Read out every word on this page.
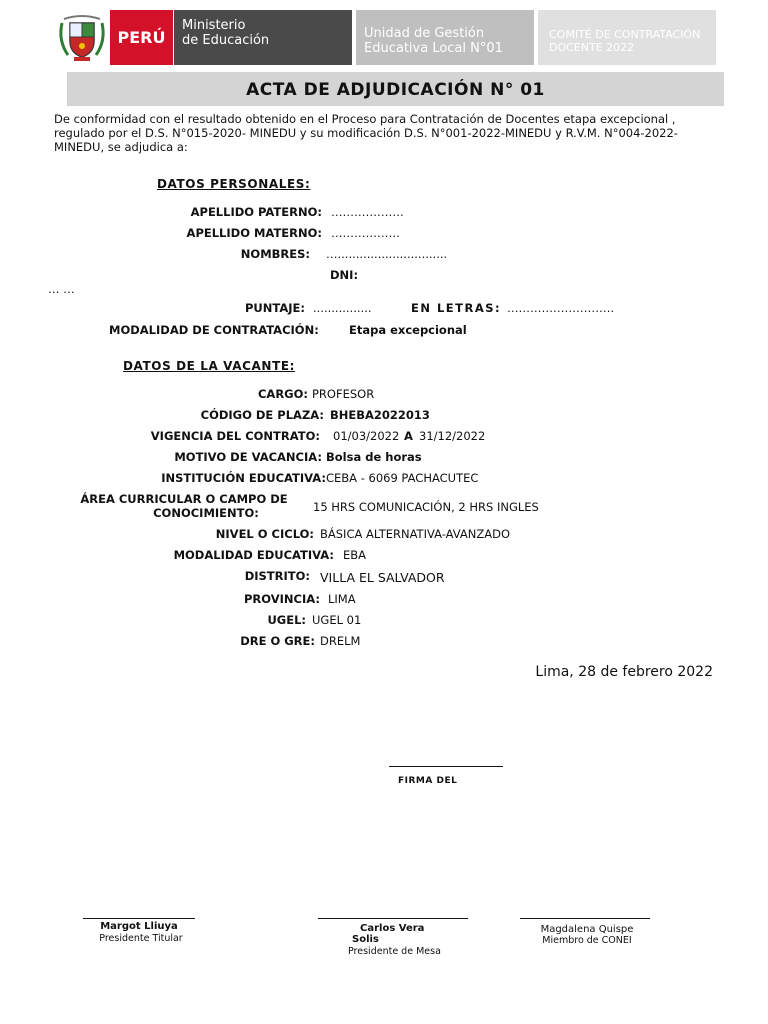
PERÚ
Ministerio
de Educación	Unidad de Gestión
Educativa Local N°01
COMITÉ DE CONTRATACIÓN
DOCENTE 2022
ACTA DE ADJUDICACIÓN N° 01
De conformidad con el resultado obtenido en el Proceso para Contratación de Docentes etapa excepcional , regulado por el D.S. N°015-2020- MINEDU y su modificación D.S. N°001-2022-MINEDU y R.V.M. N°004-2022-MINEDU, se adjudica a:
DATOS PERSONALES:
APELLIDO PATERNO: ……………….
APELLIDO MATERNO: ………………
NOMBRES: …..............................
DNI:
… …
PUNTAJE: ................	EN LETRAS: ……………………….
MODALIDAD DE CONTRATACIÓN:	Etapa excepcional
DATOS DE LA VACANTE:
CARGO: PROFESOR
CÓDIGO DE PLAZA: BHEBA2022013
VIGENCIA DEL CONTRATO: 01/03/2022 A 31/12/2022
MOTIVO DE VACANCIA: Bolsa de horas
INSTITUCIÓN EDUCATIVA: CEBA - 6069 PACHACUTEC
ÁREA CURRICULAR O CAMPO DE
CONOCIMIENTO:	15 HRS COMUNICACIÓN, 2 HRS INGLES
NIVEL O CICLO: BÁSICA ALTERNATIVA-AVANZADO
MODALIDAD EDUCATIVA: EBA
DISTRITO: VILLA EL SALVADOR
PROVINCIA: LIMA
UGEL: UGEL 01
DRE O GRE: DRELM
Lima, 28 de febrero 2022
FIRMA DEL
Margot Lliuya
Presidente Titular
Carlos Vera
Solis
Presidente de Mesa
Magdalena Quispe
Miembro de CONEI
